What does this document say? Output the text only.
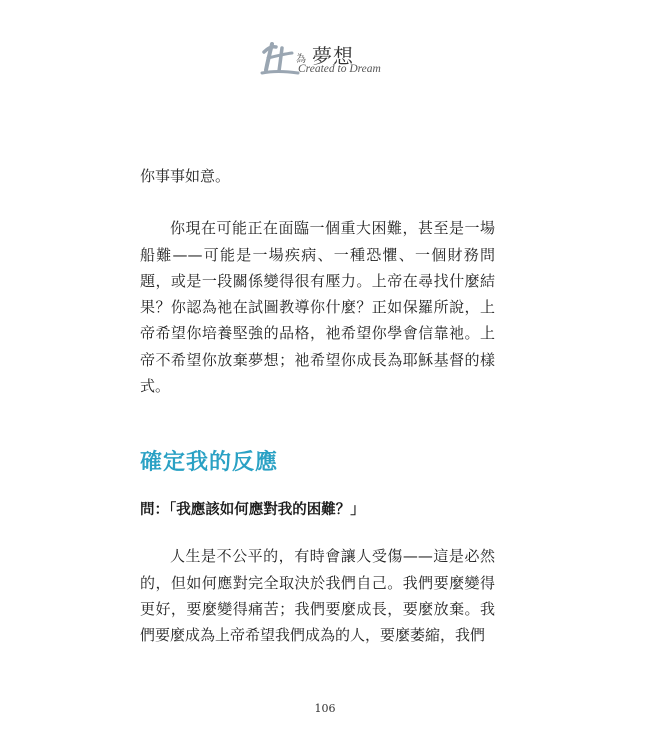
為 夢想
Created to Dream

你事事如意。

你現在可能正在面臨一個重大困難，甚至是一場船難——可能是一場疾病、一種恐懼、一個財務問題，或是一段關係變得很有壓力。上帝在尋找什麼結果？你認為祂在試圖教導你什麼？正如保羅所說，上帝希望你培養堅強的品格，祂希望你學會信靠祂。上帝不希望你放棄夢想；祂希望你成長為耶穌基督的樣式。

確定我的反應

問：「我應該如何應對我的困難？」

人生是不公平的，有時會讓人受傷——這是必然的，但如何應對完全取決於我們自己。我們要麼變得更好，要麼變得痛苦；我們要麼成長，要麼放棄。我們要麼成為上帝希望我們成為的人，要麼萎縮，我們

106
